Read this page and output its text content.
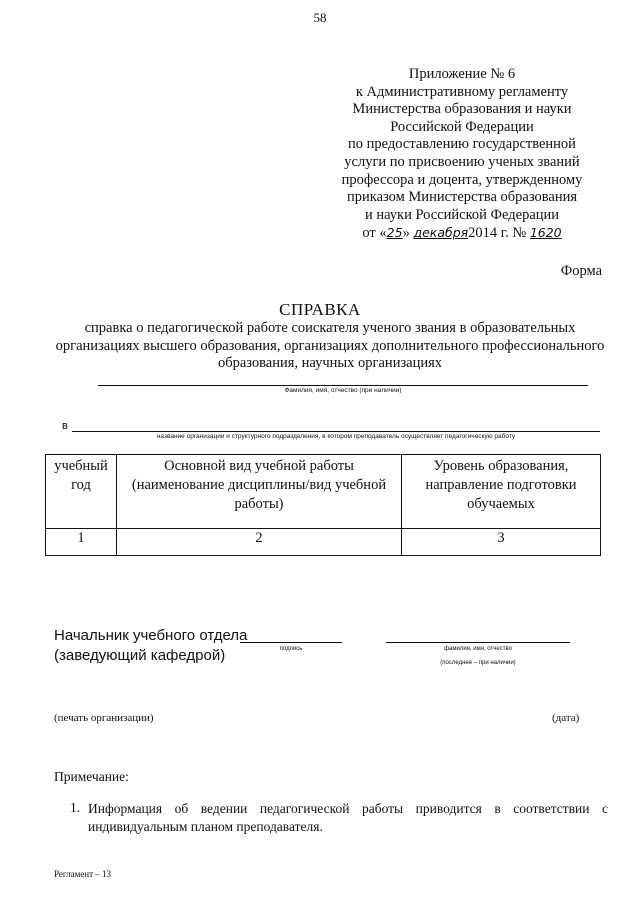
58
Приложение № 6
к Административному регламенту
Министерства образования и науки
Российской Федерации
по предоставлению государственной
услуги по присвоению ученых званий
профессора и доцента, утвержденному
приказом Министерства образования
и науки Российской Федерации
от «25» декабря2014 г. № 1620
Форма
СПРАВКА
справка о педагогической работе соискателя ученого звания в образовательных организациях высшего образования, организациях дополнительного профессионального образования, научных организациях
Фамилия, имя, отчество (при наличии)
в
название организации и структурного подразделения, в котором преподаватель осуществляет педагогическую работу
учебный год	Основной вид учебной работы (наименование дисциплины/вид учебной работы)	Уровень образования, направление подготовки обучаемых
1	2	3
Начальник учебного отдела
(заведующий кафедрой)	подпись	фамилия, имя, отчество
(последнее – при наличии)
(печать организации)	(дата)
Примечание:
1. Информация об ведении педагогической работы приводится в соответствии с индивидуальным планом преподавателя.
Регламент – 13
